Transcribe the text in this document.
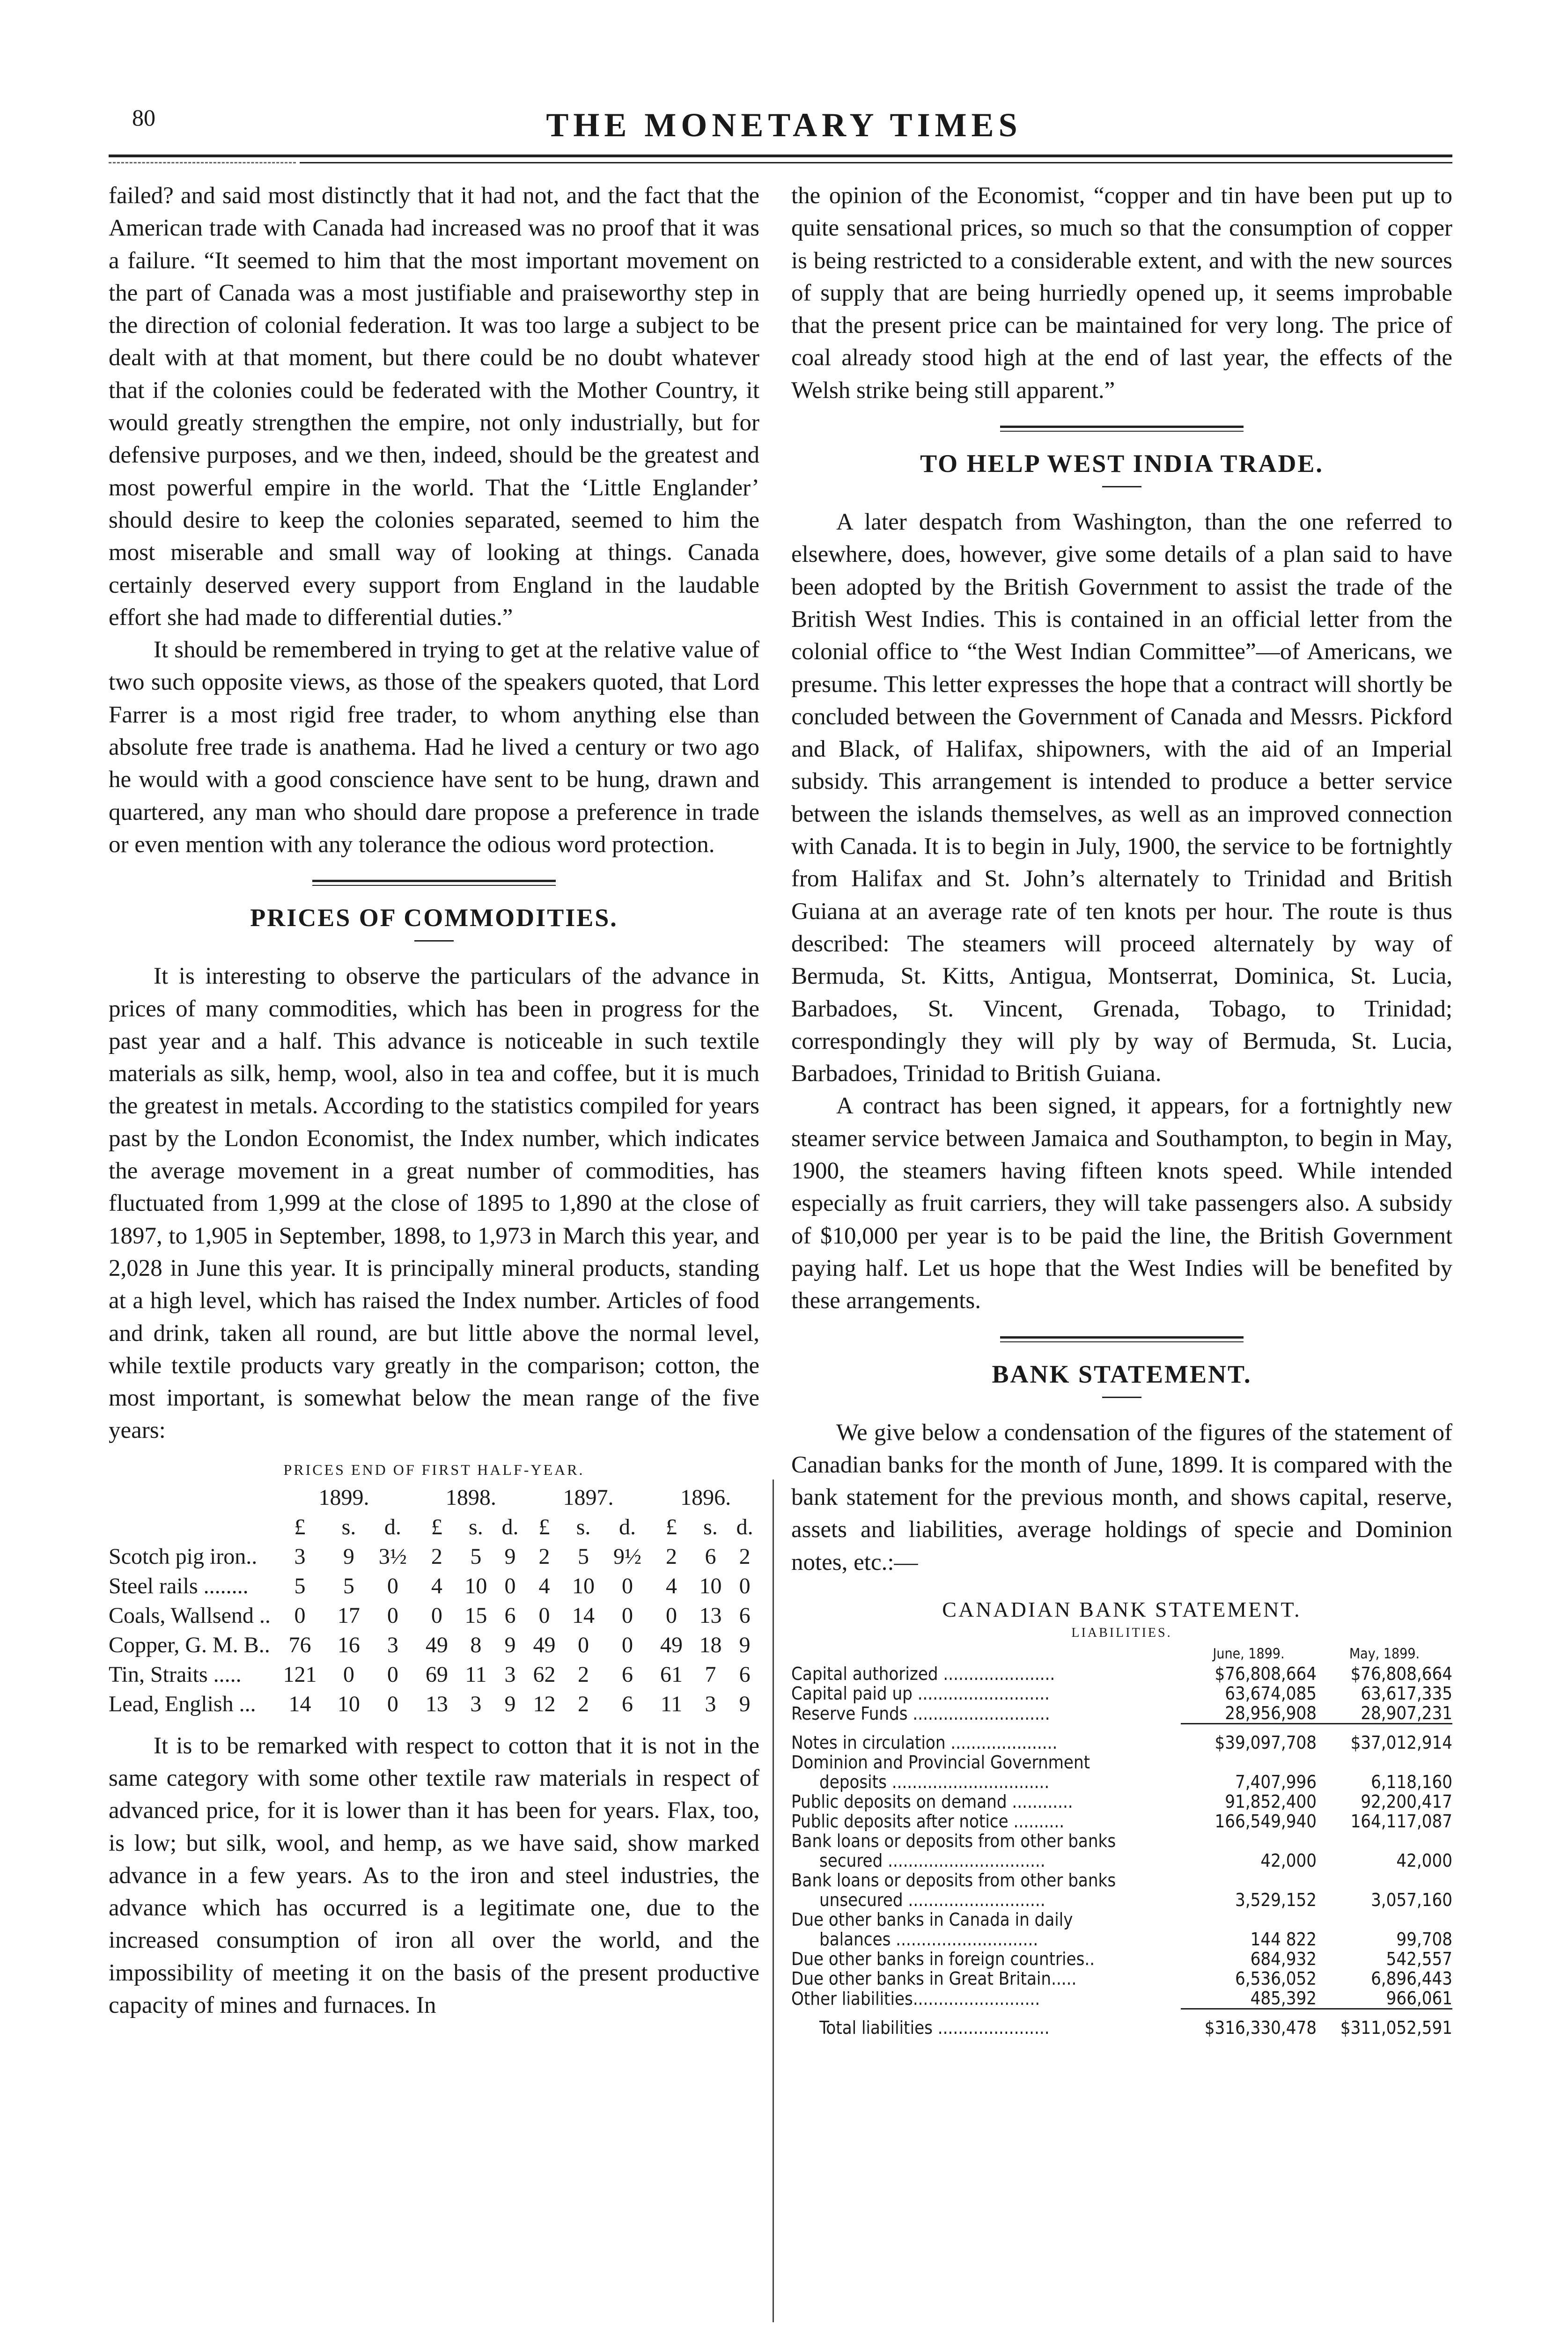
80	THE MONETARY TIMES

failed? and said most distinctly that it had not, and the fact that the American trade with Canada had increased was no proof that it was a failure. “It seemed to him that the most important movement on the part of Canada was a most justifiable and praiseworthy step in the direction of colonial federation. It was too large a subject to be dealt with at that moment, but there could be no doubt whatever that if the colonies could be federated with the Mother Country, it would greatly strengthen the empire, not only industrially, but for defensive purposes, and we then, indeed, should be the greatest and most powerful empire in the world. That the ‘Little Englander’ should desire to keep the colonies separated, seemed to him the most miserable and small way of looking at things. Canada certainly deserved every support from England in the laudable effort she had made to differential duties.”

It should be remembered in trying to get at the relative value of two such opposite views, as those of the speakers quoted, that Lord Farrer is a most rigid free trader, to whom anything else than absolute free trade is anathema. Had he lived a century or two ago he would with a good conscience have sent to be hung, drawn and quartered, any man who should dare propose a preference in trade or even mention with any tolerance the odious word protection.

PRICES OF COMMODITIES.

It is interesting to observe the particulars of the advance in prices of many commodities, which has been in progress for the past year and a half. This advance is noticeable in such textile materials as silk, hemp, wool, also in tea and coffee, but it is much the greatest in metals. According to the statistics compiled for years past by the London Economist, the Index number, which indicates the average movement in a great number of commodities, has fluctuated from 1,999 at the close of 1895 to 1,890 at the close of 1897, to 1,905 in September, 1898, to 1,973 in March this year, and 2,028 in June this year. It is principally mineral products, standing at a high level, which has raised the Index number. Articles of food and drink, taken all round, are but little above the normal level, while textile products vary greatly in the comparison; cotton, the most important, is somewhat below the mean range of the five years:

PRICES END OF FIRST HALF-YEAR.
	1899.			1898.			1897.			1896.		
	£	s.	d.	£	s.	d.	£	s.	d.	£	s.	d.
Scotch pig iron..	3	9	3½	2	5	9	2	5	9½	2	6	2
Steel rails ........	5	5	0	4	10	0	4	10	0	4	10	0
Coals, Wallsend ..	0	17	0	0	15	6	0	14	0	0	13	6
Copper, G. M. B..	76	16	3	49	8	9	49	0	0	49	18	9
Tin, Straits .....	121	0	0	69	11	3	62	2	6	61	7	6
Lead, English ...	14	10	0	13	3	9	12	2	6	11	3	9

It is to be remarked with respect to cotton that it is not in the same category with some other textile raw materials in respect of advanced price, for it is lower than it has been for years. Flax, too, is low; but silk, wool, and hemp, as we have said, show marked advance in a few years. As to the iron and steel industries, the advance which has occurred is a legitimate one, due to the increased consumption of iron all over the world, and the impossibility of meeting it on the basis of the present productive capacity of mines and furnaces. In

the opinion of the Economist, “copper and tin have been put up to quite sensational prices, so much so that the consumption of copper is being restricted to a considerable extent, and with the new sources of supply that are being hurriedly opened up, it seems improbable that the present price can be maintained for very long. The price of coal already stood high at the end of last year, the effects of the Welsh strike being still apparent.”

TO HELP WEST INDIA TRADE.

A later despatch from Washington, than the one referred to elsewhere, does, however, give some details of a plan said to have been adopted by the British Government to assist the trade of the British West Indies. This is contained in an official letter from the colonial office to “the West Indian Committee”—of Americans, we presume. This letter expresses the hope that a contract will shortly be concluded between the Government of Canada and Messrs. Pickford and Black, of Halifax, shipowners, with the aid of an Imperial subsidy. This arrangement is intended to produce a better service between the islands themselves, as well as an improved connection with Canada. It is to begin in July, 1900, the service to be fortnightly from Halifax and St. John’s alternately to Trinidad and British Guiana at an average rate of ten knots per hour. The route is thus described: The steamers will proceed alternately by way of Bermuda, St. Kitts, Antigua, Montserrat, Dominica, St. Lucia, Barbadoes, St. Vincent, Grenada, Tobago, to Trinidad; correspondingly they will ply by way of Bermuda, St. Lucia, Barbadoes, Trinidad to British Guiana.

A contract has been signed, it appears, for a fortnightly new steamer service between Jamaica and Southampton, to begin in May, 1900, the steamers having fifteen knots speed. While intended especially as fruit carriers, they will take passengers also. A subsidy of $10,000 per year is to be paid the line, the British Government paying half. Let us hope that the West Indies will be benefited by these arrangements.

BANK STATEMENT.

We give below a condensation of the figures of the statement of Canadian banks for the month of June, 1899. It is compared with the bank statement for the previous month, and shows capital, reserve, assets and liabilities, average holdings of specie and Dominion notes, etc.:—

CANADIAN BANK STATEMENT.
LIABILITIES.
	June, 1899.	May, 1899.
Capital authorized ......................	$76,808,664	$76,808,664
Capital paid up ..........................	63,674,085	63,617,335
Reserve Funds ...........................	28,956,908	28,907,231

Notes in circulation .....................	$39,097,708	$37,012,914
Dominion and Provincial Government		
deposits ...............................	7,407,996	6,118,160
Public deposits on demand ............	91,852,400	92,200,417
Public deposits after notice ..........	166,549,940	164,117,087
Bank loans or deposits from other banks		
secured ...............................	42,000	42,000
Bank loans or deposits from other banks		
unsecured ...........................	3,529,152	3,057,160
Due other banks in Canada in daily		
balances ............................	144 822	99,708
Due other banks in foreign countries..	684,932	542,557
Due other banks in Great Britain.....	6,536,052	6,896,443
Other liabilities.........................	485,392	966,061

Total liabilities ......................	$316,330,478	$311,052,591
